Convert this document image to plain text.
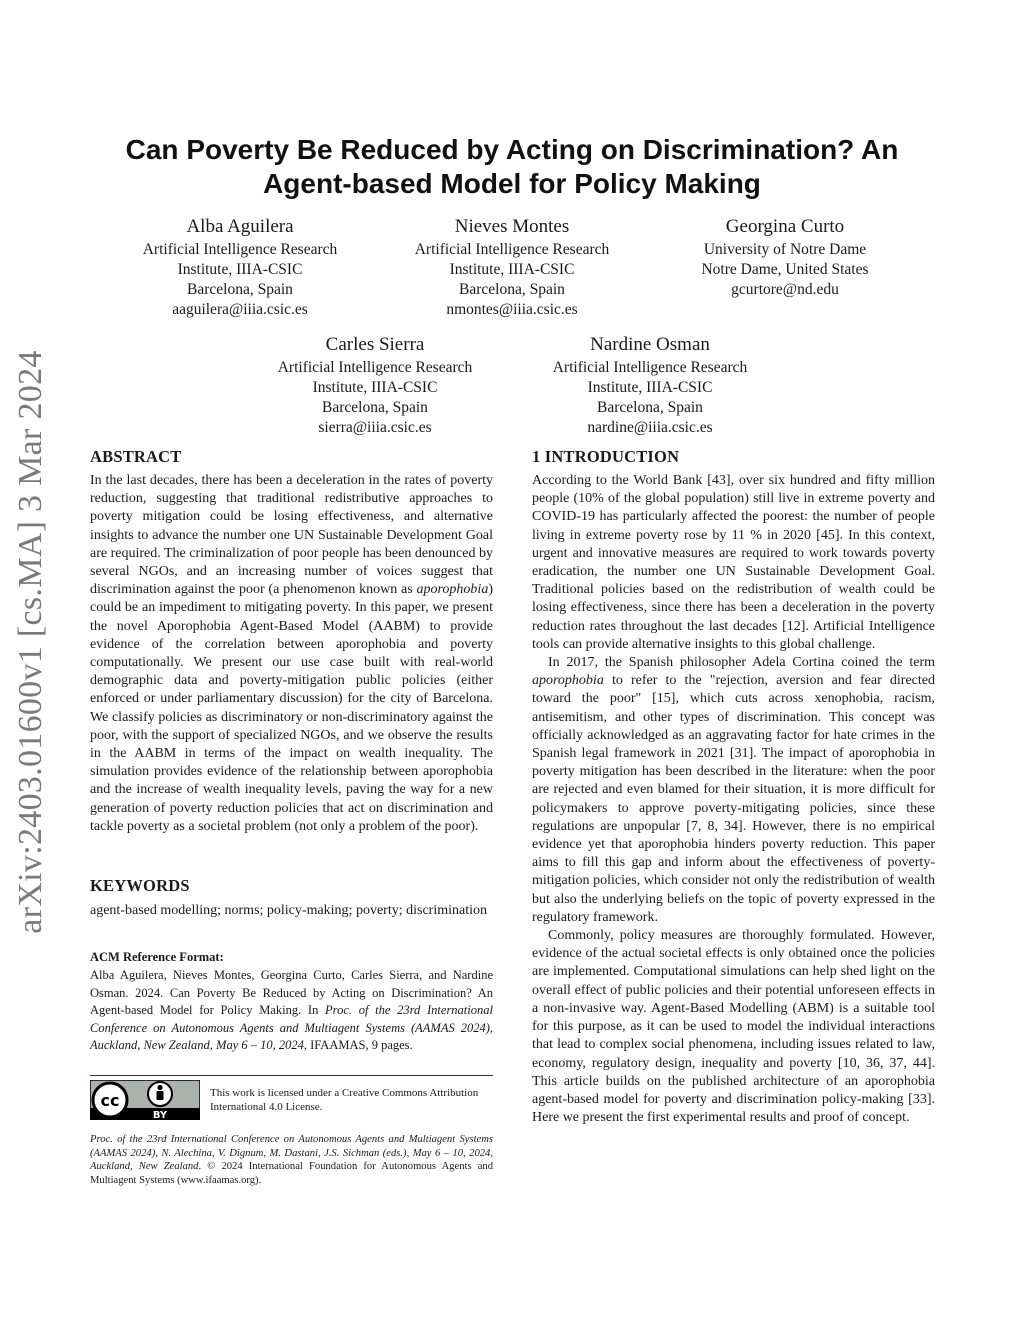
arXiv:2403.01600v1 [cs.MA] 3 Mar 2024
Can Poverty Be Reduced by Acting on Discrimination? An Agent-based Model for Policy Making
Alba Aguilera
Artificial Intelligence Research
Institute, IIIA-CSIC
Barcelona, Spain
aaguilera@iiia.csic.es
Nieves Montes
Artificial Intelligence Research
Institute, IIIA-CSIC
Barcelona, Spain
nmontes@iiia.csic.es
Georgina Curto
University of Notre Dame
Notre Dame, United States
gcurtore@nd.edu
Carles Sierra
Artificial Intelligence Research
Institute, IIIA-CSIC
Barcelona, Spain
sierra@iiia.csic.es
Nardine Osman
Artificial Intelligence Research
Institute, IIIA-CSIC
Barcelona, Spain
nardine@iiia.csic.es
ABSTRACT

In the last decades, there has been a deceleration in the rates of poverty reduction, suggesting that traditional redistributive approaches to poverty mitigation could be losing effectiveness, and alternative insights to advance the number one UN Sustainable Development Goal are required. The criminalization of poor people has been denounced by several NGOs, and an increasing number of voices suggest that discrimination against the poor (a phenomenon known as aporophobia) could be an impediment to mitigating poverty. In this paper, we present the novel Aporophobia Agent-Based Model (AABM) to provide evidence of the correlation between aporophobia and poverty computationally. We present our use case built with real-world demographic data and poverty-mitigation public policies (either enforced or under parliamentary discussion) for the city of Barcelona. We classify policies as discriminatory or non-discriminatory against the poor, with the support of specialized NGOs, and we observe the results in the AABM in terms of the impact on wealth inequality. The simulation provides evidence of the relationship between aporophobia and the increase of wealth inequality levels, paving the way for a new generation of poverty reduction policies that act on discrimination and tackle poverty as a societal problem (not only a problem of the poor).

KEYWORDS

agent-based modelling; norms; policy-making; poverty; discrimination

ACM Reference Format:

Alba Aguilera, Nieves Montes, Georgina Curto, Carles Sierra, and Nardine Osman. 2024. Can Poverty Be Reduced by Acting on Discrimination? An Agent-based Model for Policy Making. In Proc. of the 23rd International Conference on Autonomous Agents and Multiagent Systems (AAMAS 2024), Auckland, New Zealand, May 6 – 10, 2024, IFAAMAS, 9 pages.

cc
BY
This work is licensed under a Creative Commons Attribution International 4.0 License.

Proc. of the 23rd International Conference on Autonomous Agents and Multiagent Systems (AAMAS 2024), N. Alechina, V. Dignum, M. Dastani, J.S. Sichman (eds.), May 6 – 10, 2024, Auckland, New Zealand. © 2024 International Foundation for Autonomous Agents and Multiagent Systems (www.ifaamas.org).

1 INTRODUCTION

According to the World Bank [43], over six hundred and fifty million people (10% of the global population) still live in extreme poverty and COVID-19 has particularly affected the poorest: the number of people living in extreme poverty rose by 11 % in 2020 [45]. In this context, urgent and innovative measures are required to work towards poverty eradication, the number one UN Sustainable Development Goal. Traditional policies based on the redistribution of wealth could be losing effectiveness, since there has been a deceleration in the poverty reduction rates throughout the last decades [12]. Artificial Intelligence tools can provide alternative insights to this global challenge.

In 2017, the Spanish philosopher Adela Cortina coined the term aporophobia to refer to the "rejection, aversion and fear directed toward the poor" [15], which cuts across xenophobia, racism, antisemitism, and other types of discrimination. This concept was officially acknowledged as an aggravating factor for hate crimes in the Spanish legal framework in 2021 [31]. The impact of aporophobia in poverty mitigation has been described in the literature: when the poor are rejected and even blamed for their situation, it is more difficult for policymakers to approve poverty-mitigating policies, since these regulations are unpopular [7, 8, 34]. However, there is no empirical evidence yet that aporophobia hinders poverty reduction. This paper aims to fill this gap and inform about the effectiveness of poverty-mitigation policies, which consider not only the redistribution of wealth but also the underlying beliefs on the topic of poverty expressed in the regulatory framework.

Commonly, policy measures are thoroughly formulated. However, evidence of the actual societal effects is only obtained once the policies are implemented. Computational simulations can help shed light on the overall effect of public policies and their potential unforeseen effects in a non-invasive way. Agent-Based Modelling (ABM) is a suitable tool for this purpose, as it can be used to model the individual interactions that lead to complex social phenomena, including issues related to law, economy, regulatory design, inequality and poverty [10, 36, 37, 44]. This article builds on the published architecture of an aporophobia agent-based model for poverty and discrimination policy-making [33]. Here we present the first experimental results and proof of concept.
